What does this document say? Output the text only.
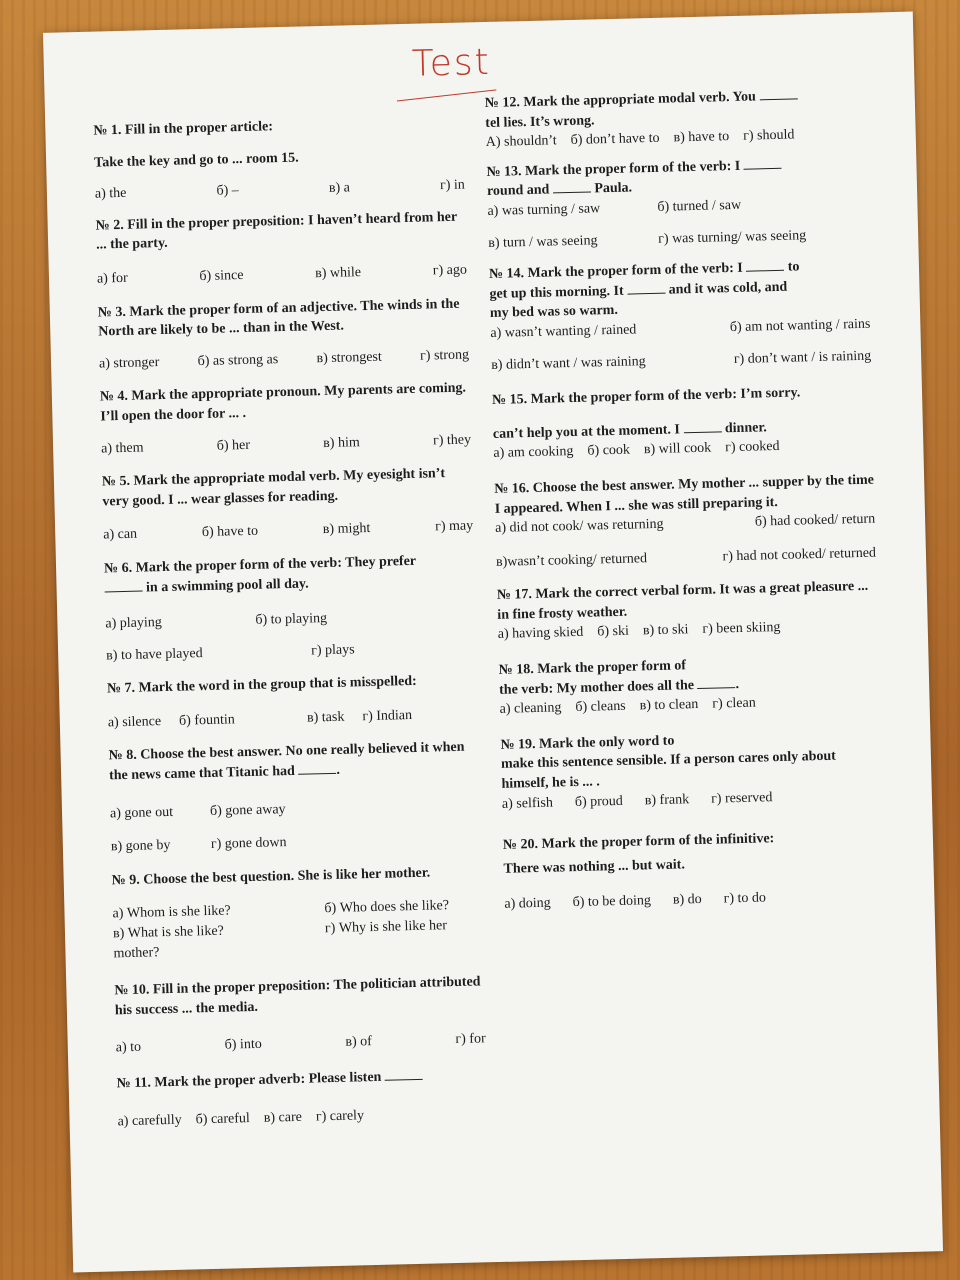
Test

№ 1. Fill in the proper article:

Take the key and go to ... room 15.

а) the	б) –	в) а	г) in

№ 2. Fill in the proper preposition: I haven’t heard from her ... the party.

а) for	б) since	в) while	г) ago

№ 3. Mark the proper form of an adjective. The winds in the North are likely to be ... than in the West.

а) stronger	б) as strong as	в) strongest	г) strong

№ 4. Mark the appropriate pronoun. My parents are coming. I’ll open the door for ... .

а) them	б) her	в) him	г) they

№ 5. Mark the appropriate modal verb. My eyesight isn’t very good. I ... wear glasses for reading.

а) can	б) have to	в) might	г) may

№ 6. Mark the proper form of the verb: They prefer

in a swimming pool all day.

а) playing	б) to playing
в) to have played	г) plays

№ 7. Mark the word in the group that is misspelled:

а) silence б) fountin	в) task г) Indian

№ 8. Choose the best answer. No one really believed it when the news came that Titanic had	.

а) gone out	б) gone away
в) gone by	г) gone down

№ 9. Choose the best question. She is like her mother.

а) Whom is she like?	б) Who does she like?
в) What is she like?	г) Why is she like her

mother?

№ 10. Fill in the proper preposition: The politician attributed his success ... the media.

а) to	б) into	в) of	г) for

№ 11. Mark the proper adverb: Please listen

а) carefully б) careful в) care г) carely

№ 12. Mark the appropriate modal verb. You

tel lies. It’s wrong.

А) shouldn’t б) don’t have to в) have to г) should

№ 13. Mark the proper form of the verb: I

round and	Paula.

а) was turning / saw	б) turned / saw
в) turn / was seeing	г) was turning/ was seeing

№ 14. Mark the proper form of the verb: I	to

get up this morning. It	and it was cold, and

my bed was so warm.

а) wasn’t wanting / rained	б) am not wanting / rains
в) didn’t want / was raining	г) don’t want / is raining

№ 15. Mark the proper form of the verb: I’m sorry.

can’t help you at the moment. I	dinner.

а) am cooking б) cook в) will cook г) cooked

№ 16. Choose the best answer. My mother ... supper by the time I appeared. When I ... she was still preparing it.

а) did not cook/ was returning	б) had cooked/ return
в)wasn’t cooking/ returned	г) had not cooked/ returned

№ 17. Mark the correct verbal form. It was a great pleasure ... in fine frosty weather.

а) having skied б) ski в) to ski г) been skiing

№ 18. Mark the proper form of

the verb: My mother does all the	.

а) cleaning б) cleans в) to clean г) clean

№ 19. Mark the only word to

make this sentence sensible. If a person cares only about himself, he is ... .

а) selfish б) proud в) frank г) reserved

№ 20. Mark the proper form of the infinitive:

There was nothing ... but wait.

а) doing б) to be doing в) do г) to do
